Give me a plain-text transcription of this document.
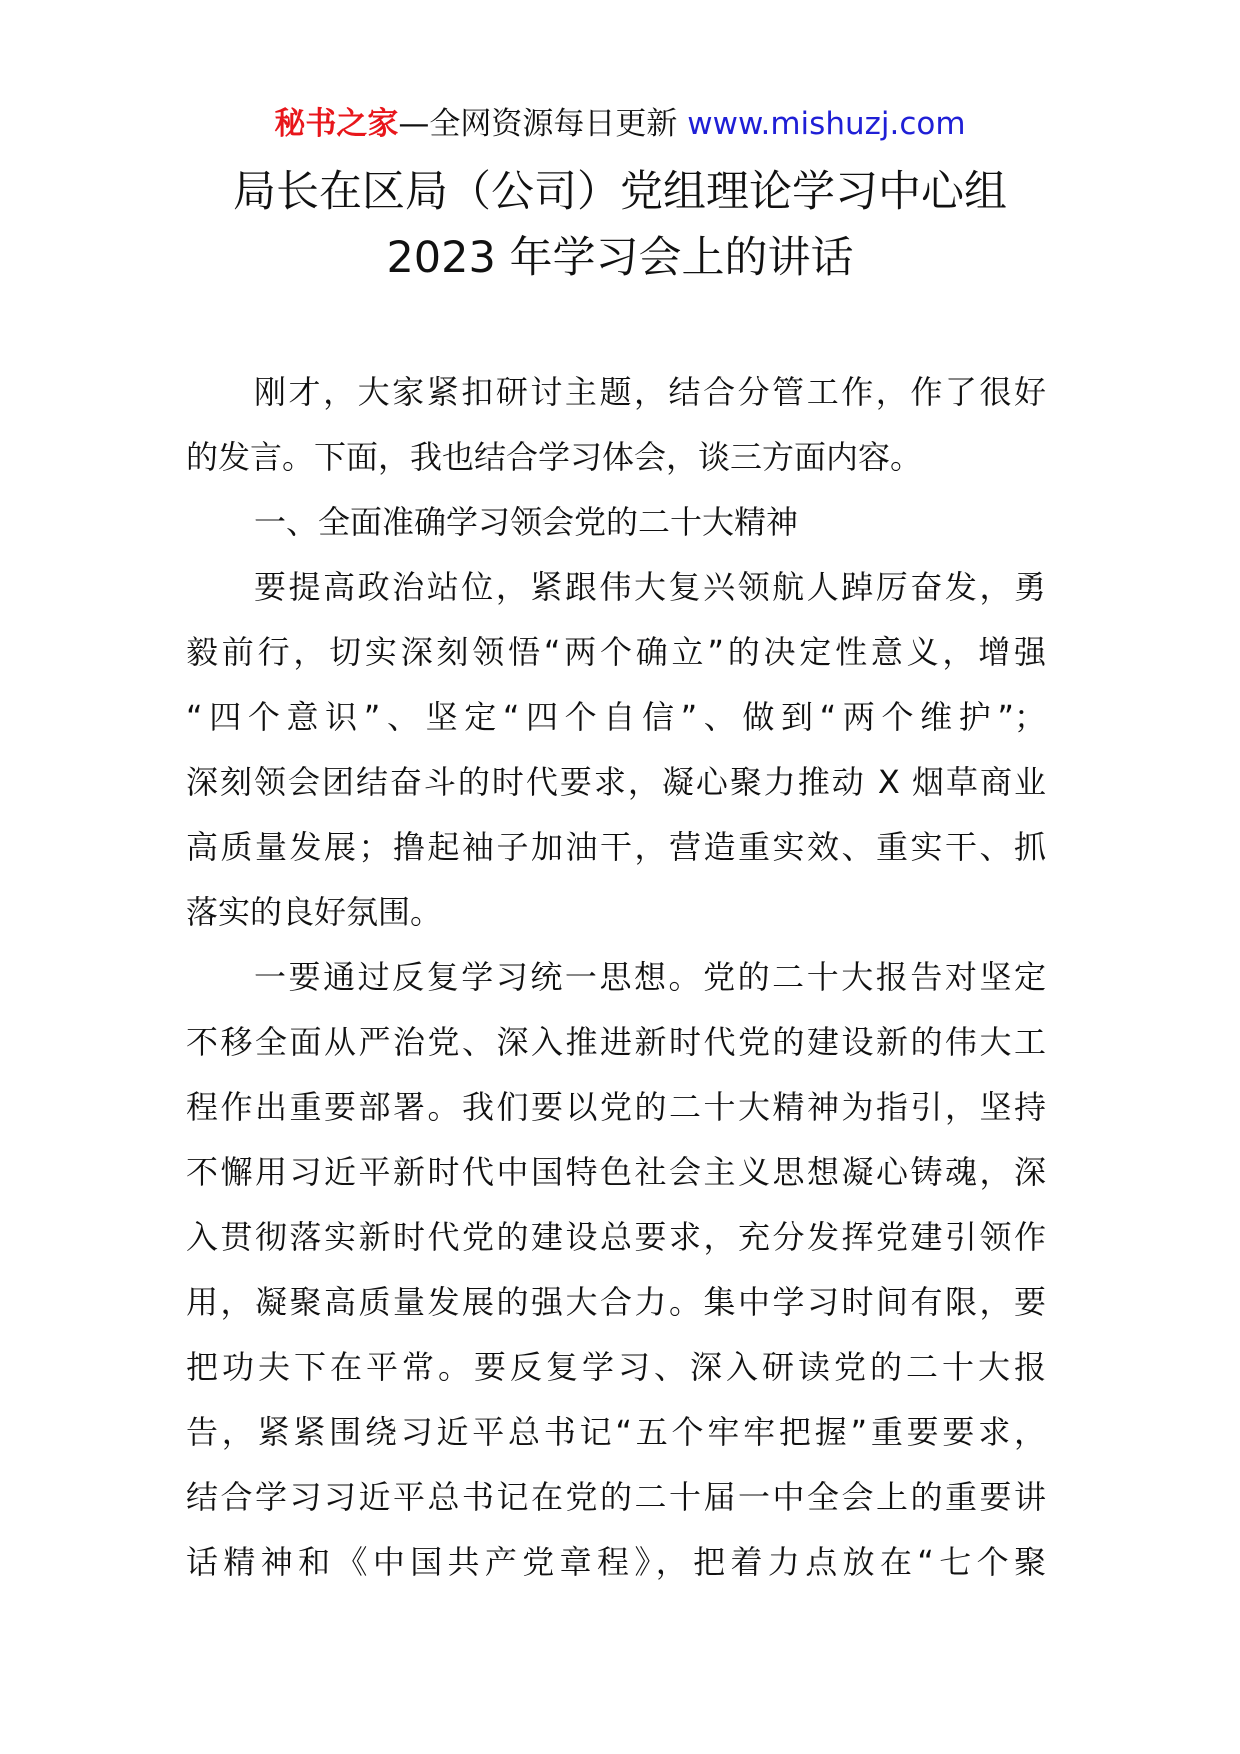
秘书之家—全网资源每日更新 www.mishuzj.com
局长在区局（公司）党组理论学习中心组
2023 年学习会上的讲话
刚才，大家紧扣研讨主题，结合分管工作，作了很好
的发言。下面，我也结合学习体会，谈三方面内容。
一、全面准确学习领会党的二十大精神
要提高政治站位，紧跟伟大复兴领航人踔厉奋发，勇
毅前行，切实深刻领悟“两个确立”的决定性意义，增强
“四个意识”、坚定“四个自信”、做到“两个维护”；
深刻领会团结奋斗的时代要求，凝心聚力推动 X 烟草商业
高质量发展；撸起袖子加油干，营造重实效、重实干、抓
落实的良好氛围。
一要通过反复学习统一思想。党的二十大报告对坚定
不移全面从严治党、深入推进新时代党的建设新的伟大工
程作出重要部署。我们要以党的二十大精神为指引，坚持
不懈用习近平新时代中国特色社会主义思想凝心铸魂，深
入贯彻落实新时代党的建设总要求，充分发挥党建引领作
用，凝聚高质量发展的强大合力。集中学习时间有限，要
把功夫下在平常。要反复学习、深入研读党的二十大报
告，紧紧围绕习近平总书记“五个牢牢把握”重要要求，
结合学习习近平总书记在党的二十届一中全会上的重要讲
话精神和《中国共产党章程》，把着力点放在“七个聚
